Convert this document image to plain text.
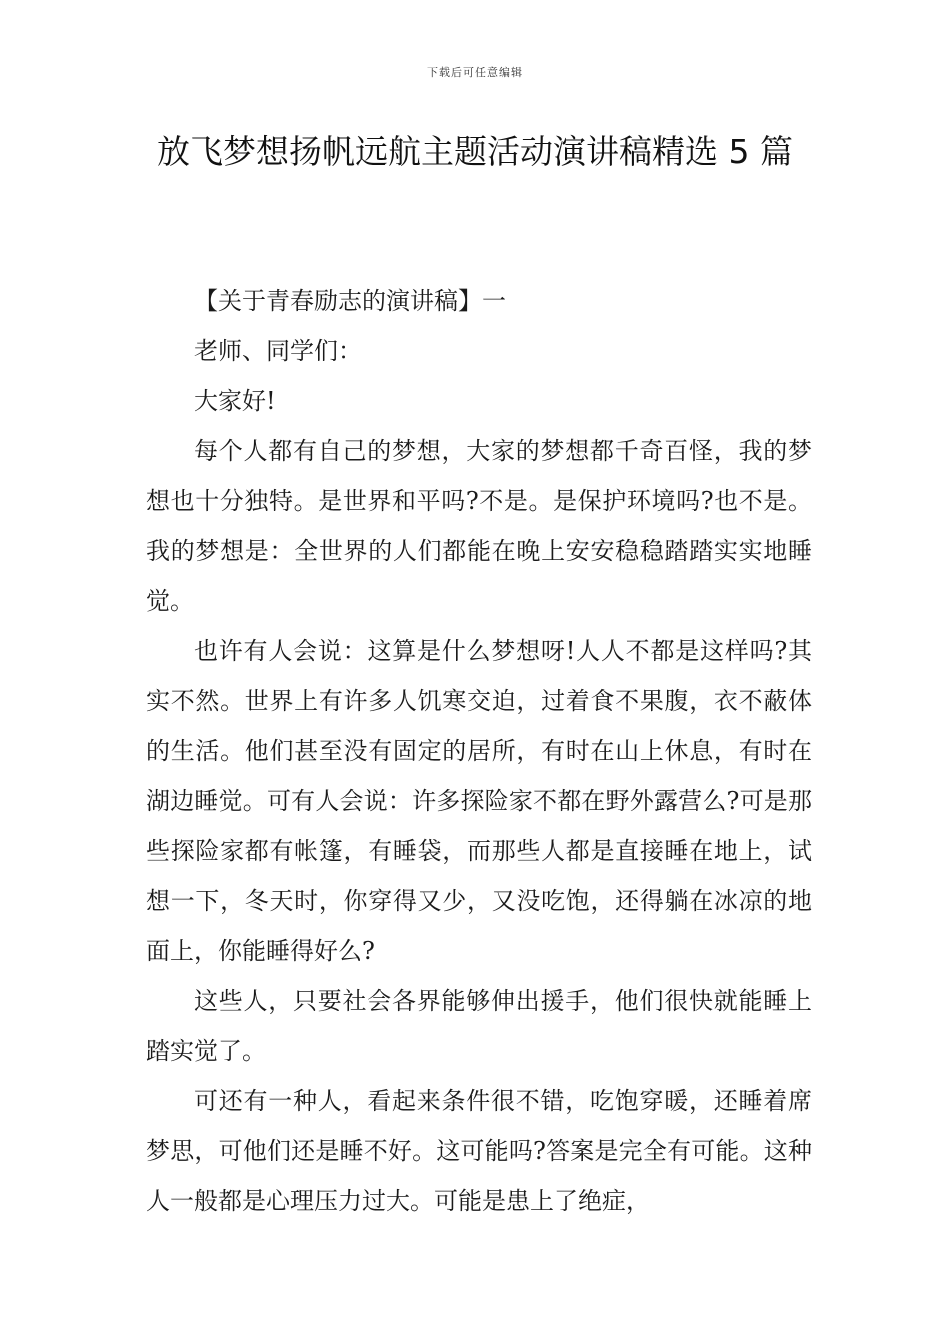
下载后可任意编辑
放飞梦想扬帆远航主题活动演讲稿精选 5 篇

【关于青春励志的演讲稿】一

老师、同学们：

大家好!

每个人都有自己的梦想，大家的梦想都千奇百怪，我的梦想也十分独特。是世界和平吗?不是。是保护环境吗?也不是。我的梦想是：全世界的人们都能在晚上安安稳稳踏踏实实地睡觉。

也许有人会说：这算是什么梦想呀!人人不都是这样吗?其实不然。世界上有许多人饥寒交迫，过着食不果腹，衣不蔽体的生活。他们甚至没有固定的居所，有时在山上休息，有时在湖边睡觉。可有人会说：许多探险家不都在野外露营么?可是那些探险家都有帐篷，有睡袋，而那些人都是直接睡在地上，试想一下，冬天时，你穿得又少，又没吃饱，还得躺在冰凉的地面上，你能睡得好么?

这些人，只要社会各界能够伸出援手，他们很快就能睡上踏实觉了。

可还有一种人，看起来条件很不错，吃饱穿暖，还睡着席梦思，可他们还是睡不好。这可能吗?答案是完全有可能。这种人一般都是心理压力过大。可能是患上了绝症，
